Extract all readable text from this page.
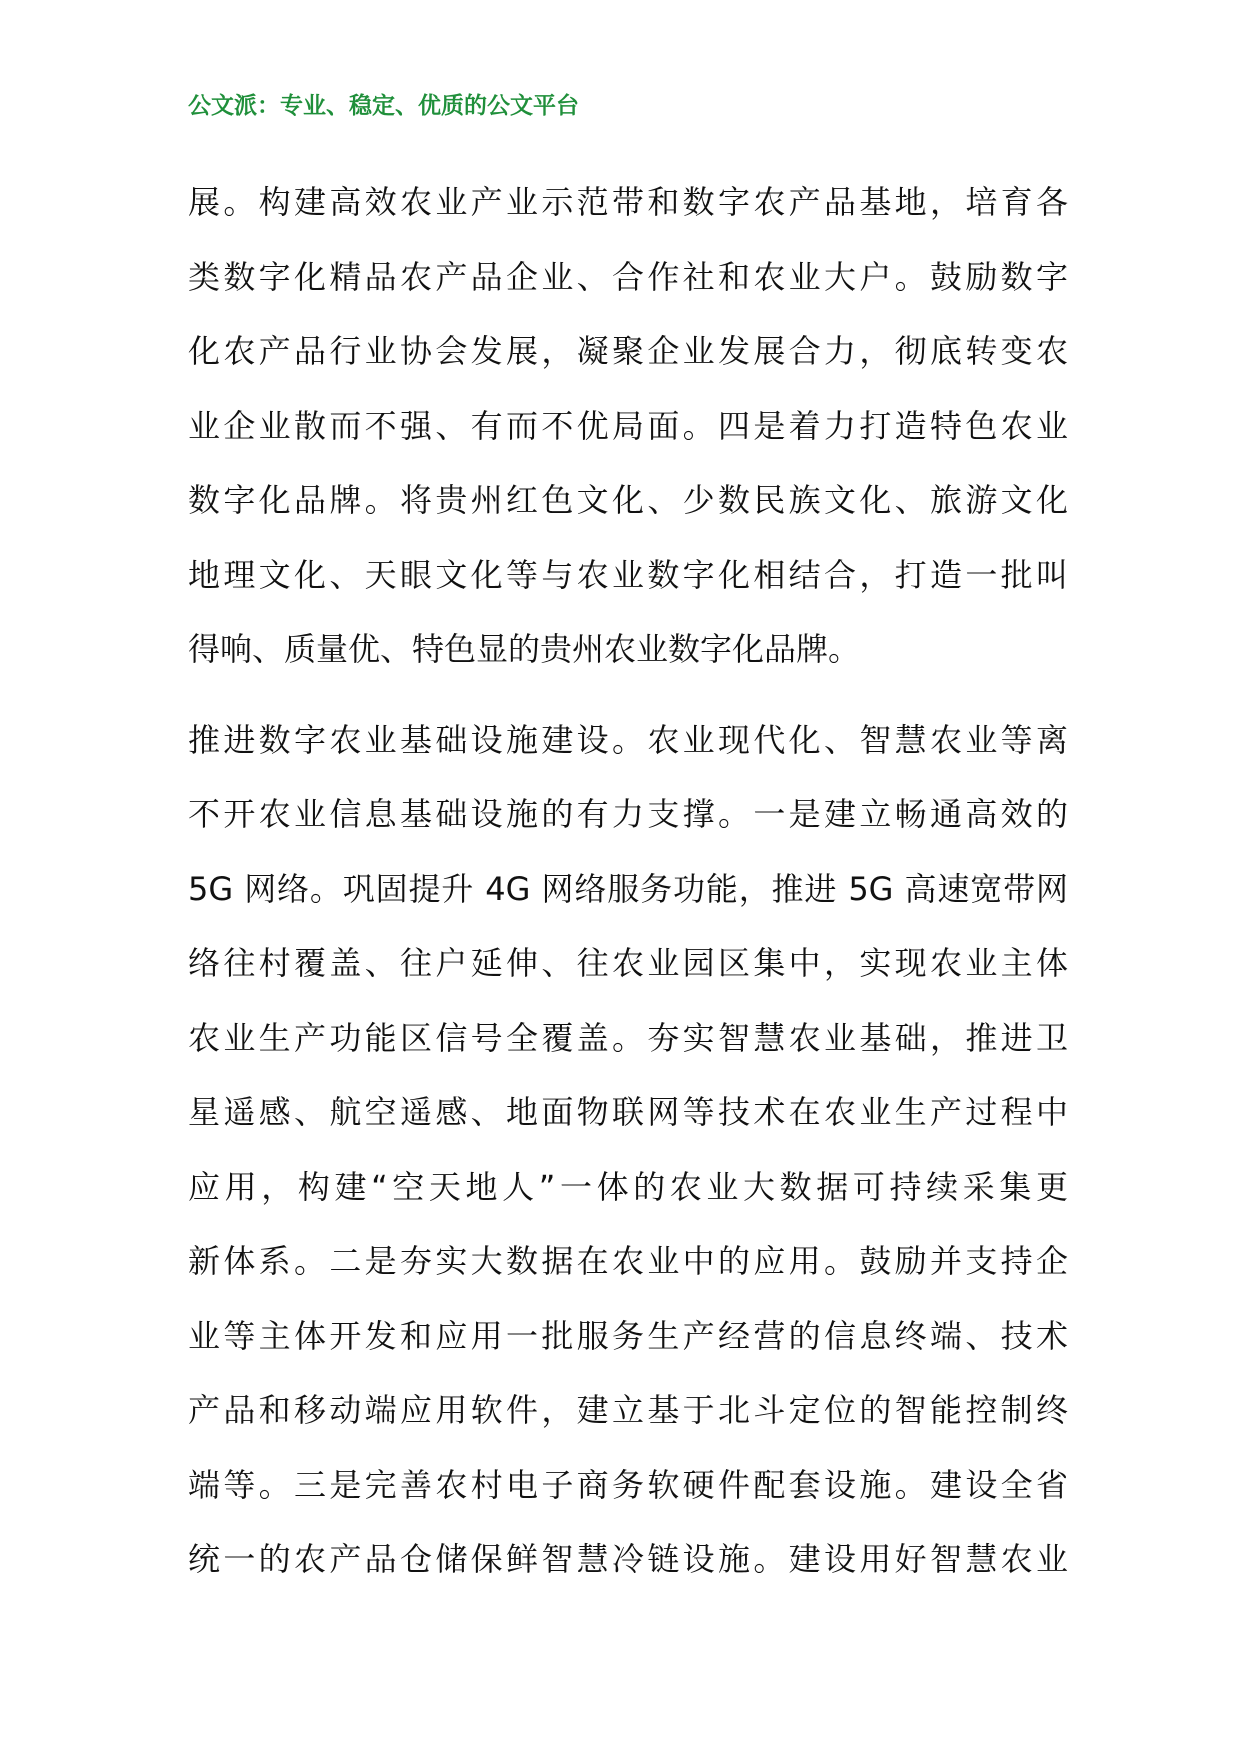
公文派：专业、稳定、优质的公文平台
展。构建高效农业产业示范带和数字农产品基地，培育各
类数字化精品农产品企业、合作社和农业大户。鼓励数字
化农产品行业协会发展，凝聚企业发展合力，彻底转变农
业企业散而不强、有而不优局面。四是着力打造特色农业
数字化品牌。将贵州红色文化、少数民族文化、旅游文化
地理文化、天眼文化等与农业数字化相结合，打造一批叫
得响、质量优、特色显的贵州农业数字化品牌。
推进数字农业基础设施建设。农业现代化、智慧农业等离
不开农业信息基础设施的有力支撑。一是建立畅通高效的
5G 网络。巩固提升 4G 网络服务功能，推进 5G 高速宽带网
络往村覆盖、往户延伸、往农业园区集中，实现农业主体
农业生产功能区信号全覆盖。夯实智慧农业基础，推进卫
星遥感、航空遥感、地面物联网等技术在农业生产过程中
应用，构建“空天地人”一体的农业大数据可持续采集更
新体系。二是夯实大数据在农业中的应用。鼓励并支持企
业等主体开发和应用一批服务生产经营的信息终端、技术
产品和移动端应用软件，建立基于北斗定位的智能控制终
端等。三是完善农村电子商务软硬件配套设施。建设全省
统一的农产品仓储保鲜智慧冷链设施。建设用好智慧农业
